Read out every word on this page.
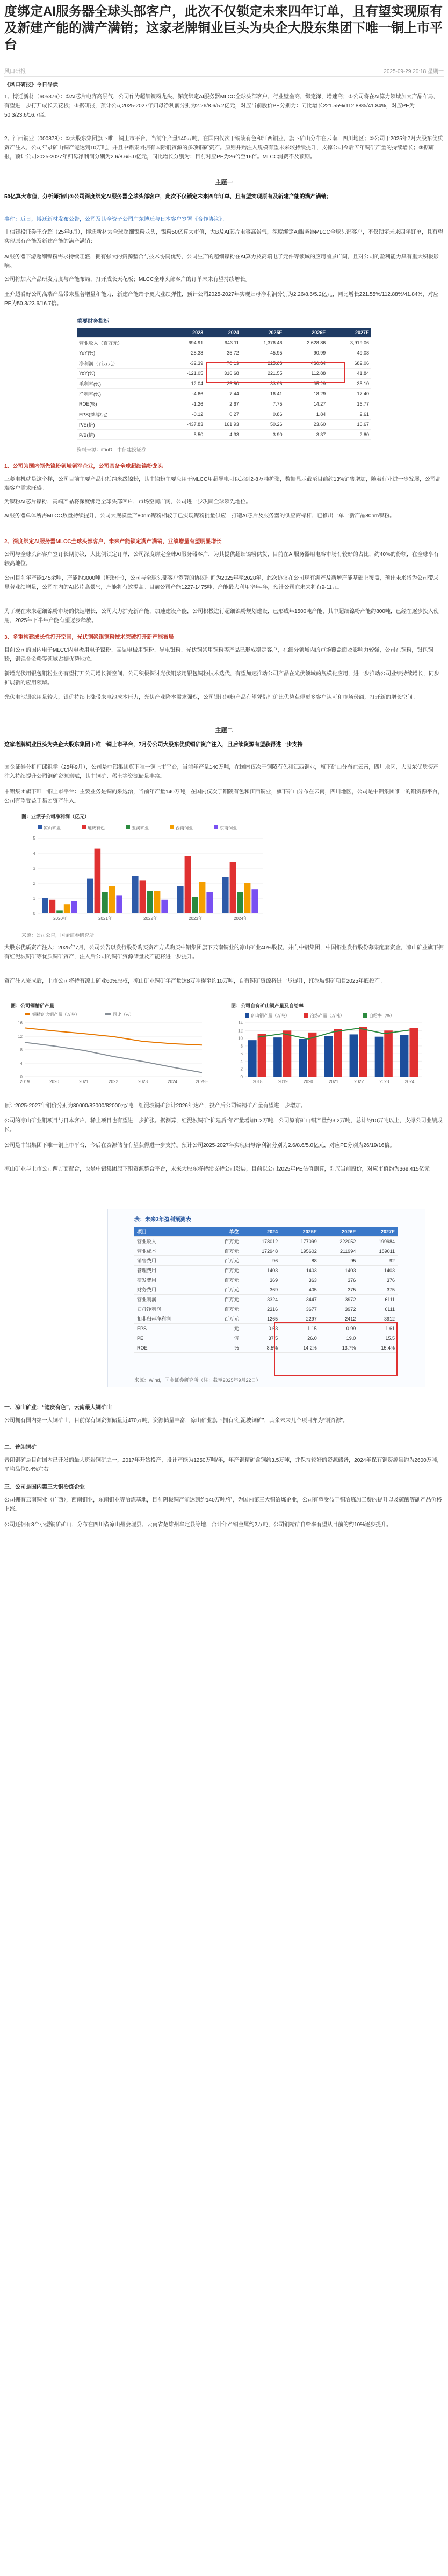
度绑定AI服务器全球头部客户，此次不仅锁定未来四年订单，且有望实现原有及新建产能的满产满销；这家老牌铜业巨头为央企大股东集团下唯一铜上市平台
风口研报	2025-09-29 20:18 星期一
《风口研报》今日导读
1、博迁新材（605376）：①AI芯片电容高景气，公司作为超细镍粉龙头，深度绑定AI服务器MLCC全球头部客户，行业壁垒高，绑定深，增速高；②公司将在AI算力领域加大产品布局，有望进一步打开成长天花板；③据研报，预计公司2025-2027年归母净利润分别为2.26/8.6/5.2亿元，对应当前股价PE分别为：同比增长221.55%/112.88%/41.84%，对应PE为50.3/23.6/16.7倍。
2、江西铜业（000878）：①大股东集团旗下唯一铜上市平台，当前年产量140万吨，在国内仅次于铜陵有色和江西铜业，旗下矿山分布在云南，四川地区；②公司于2025年7月大股东优质资产注入，公司年录矿山铜产能达到10万吨，并且中铝集团拥有国际铜资源的多项铜矿资产。原则并购注入规模有望未来较持续提升，支撑公司今后五年铜矿产量的持续增长；③据研报，预计公司2025-2027年归母净利润分别为2.6/8.6/5.0亿元，同比增长分别为：目前对应PE为26倍至16倍。MLCC消费不及预期。
主题一
50亿算大市值，分析师指出①公司深度绑定AI服务器全球头部客户，此次不仅锁定未来四年订单，且有望实现原有及新建产能的满产满销；
事件：近日，博迁新材发布公告，公司及其全资子公司广东博迁与日本客户签署《合作协议》。
中信建投证券王介超（25年8月），博迁新材为全球超细镍粉龙头，镍粉50亿算大市值，大B及AI芯片电容高景气，深度绑定AI服务器MLCC全球头部客户，不仅锁定未来四年订单，且有望实现原有产能及新建产能的满产满销；
AI服务器下游超细镍粉需求持续旺盛，拥有强大的资源整合与技术协同优势，公司生产的超细镍粉在AI算力及高端电子元件等领域的应用前景广阔，且对公司的盈利能力具有重大积极影响。
公司将加大产品研发力度与产能布局，打开成长天花板；MLCC全球头部客户的订单未来有望持续增长。
王介超看好公司高端产品带来显著增量和能力，新建产能给予更大业绩弹性，预计公司2025-2027年实现归母净利润分别为2.26/8.6/5.2亿元，同比增长221.55%/112.88%/41.84%，对应PE为50.3/23.6/16.7倍。
重要财务指标
	2023	2024	2025E	2026E	2027E
营业收入（百万元）	694.91	943.11	1,376.46	2,628.86	3,919.06
YoY(%)	-28.38	35.72	45.95	90.99	49.08
净利润（百万元）	-32.39	70.19	225.88	480.84	682.06
YoY(%)	-121.05	316.68	221.55	112.88	41.84
毛利率(%)	12.04	26.80	33.96	35.29	35.10
净利率(%)	-4.66	7.44	16.41	18.29	17.40
ROE(%)	-1.26	2.67	7.75	14.27	16.77
EPS(摊薄/元)	-0.12	0.27	0.86	1.84	2.61
P/E(倍)	-437.83	161.93	50.26	23.60	16.67
P/B(倍)	5.50	4.33	3.90	3.37	2.80
资料来源：iFinD，中信建投证券
1、公司为国内领先镍粉领域领军企业，公司具备全球超细镍粉龙头
三菱电机就是这个样，公司目前主要产品包括纳米级镍粉，其中镍粉主要应用于MLCC用超导电可以达到2-8万吨扩张，数据显示截至目前约13%销售增加，随着行业进一步发展，公司高端客户需求旺盛。
为镍粉AI芯片镍粉，高端产品将深度绑定全球头部客户，市场空间广阔，公司进一步巩固全球领先地位。
AI服务器单体所需MLCC数量持续提升，公司大规模量产80nm镍粉相较于已实现镍粉批量供应，打造AI芯片及服务器的供应商标杆，已推出一单一新产品80nm镍粉。
2、深度绑定AI服务器MLCC全球头部客户，未来产能锁定满产满销，业绩增量有望明显增长
公司与全球头部客户签订长期协议，大比例锁定订单，公司深度绑定全球AI服务器客户，为其提供超细镍粉供货，目前在AI服务器用电容市场有较好的占比，约40%的份额，在全球享有较高地位。
公司目前年产能145余吨，产能约3000吨（原粉计），公司与全球头部客户签署的协议时间为2025年至2028年，此次协议在公司现有满产及新增产能基础上覆盖，预计未来将为公司带来显著业绩增量，公司在内的AI芯片高景气，产能将有效提高。目前公司产能1227-1475吨，产能最大利用率年-年，预计公司在未来将有9-11元。
为了现在未来超细镍粉市场的快速增长，公司大力扩充新产能，加速建设产能，公司积极进行超细镍粉规划建设，已形成年1500吨产能，其中超细镍粉产能约800吨，已经在逐步投入使用，2025年下半年产能有望逐步释放。
3、多重构建成长性打开空间，光伏铜浆银铜粉技术突破打开新产能布局
目前公司的国内电子MLCC内电极用电子镍粉、高温电极用铜粉、导电银粉、光伏铜浆用铜粉等产品已形成稳定客户，在细分领域内的市场覆盖面及影响力较强，公司在铜粉，银包铜粉，铜镍合金粉等领域占据优势地位。
新增光伏用银包铜粉业务有望打开公司增长新空间，公司积极探讨光伏铜浆用银包铜粉技术迭代，有望加速推动公司产品在光伏领域的规模化应用，进一步推动公司业绩持续增长，同步扩展新的应用领域。
光伏电池银浆用量较大，银价持续上涨带来电池成本压力，光伏产业降本需求强烈，公司银包铜粉产品有望凭借性价比优势获得更多客户认可和市场份额，打开新的增长空间。
主题二
这家老牌铜业巨头为央企大股东集团下唯一铜上市平台，7月份公司大股东优质铜矿资产注入，且后续资源有望获得进一步支持
国金证券分析师邱祖学（25年9月），公司是中铝集团旗下唯一铜上市平台，当前年产量140万吨，在国内仅次于铜陵有色和江西铜业，旗下矿山分布在云南，四川地区，大股东优质资产注入持续提升公司铜矿资源禀赋，其中铜矿、稀土等资源储量丰富。
中铝集团旗下唯一铜上市平台：主要业务是铜的采选治，当前年产量140万吨，在国内仅次于铜陵有色和江西铜业，旗下矿山分布在云南，四川地区，公司是中铝集团唯一的铜资源平台，公司有望受益于集团资产注入。
图：业绩子公司净利润（亿元）
凉山矿业	迪庆有色	玉溪矿业	西南铜业	东南铜业
0
1
2
3
4
5
2020年	2021年	2022年	2023年	2024年
来源：公司公告，国金证券研究所
大股东优质资产注入：2025年7月，公司公告以发行股份购买资产方式购买中铝集团旗下云南铜业的凉山矿业40%股权，并向中铝集团，中国铜业发行股份募集配套资金，凉山矿业旗下拥有红泥坡铜矿等优质铜矿资产，注入后公司的铜矿资源储量及产能将进一步提升。
资产注入完成后，上市公司将持有凉山矿业60%股权，凉山矿业铜矿年产量达8万吨提至约10万吨，自有铜矿资源将进一步提升，红泥坡铜矿项目2025年底投产。
图：公司铜精矿产量
铜精矿含铜产量（万吨）	同比（%）
0
4
8
12
16
2019	2020	2021	2022	2023	2024	2025E
图：公司自有矿山铜产量及自给率
矿山铜产量（万吨）	冶炼产量（万吨）	自给率（%）
0
2
4
6
8
10
12
14
2018	2019	2020	2021	2022	2023	2024
预计2025-2027年铜价分别为80000/82000/82000元/吨，红泥坡铜矿预计2026年达产，投产后公司铜精矿产量有望进一步增加。
公司的凉山矿业铜项目与日本客户，稀土项目也有望进一步扩张。据测算，红泥坡铜矿“扩建后”年产量增加1.2万吨，公司原有矿山铜产量约3.2万吨，总计约10万吨以上，支撑公司业绩成长。
公司是中铝集团下唯一铜上市平台，今后在资源储备有望获得进一步支持。预计公司2025-2027年实现归母净利润分别为2.6/8.6/5.0亿元，对应PE分别为26/19/16倍。
凉山矿业与上市公司两方面配合，也是中铝集团旗下铜资源整合平台，未来大股东将持续支持公司发展，目前以公司2025年PE估值测算，对应当前股价，对应市值约为369.415亿元。
表：未来3年盈利预测表
项目	单位	2024	2025E	2026E	2027E
营业收入	百万元	178012	177099	222052	199984
营业成本	百万元	172948	195602	211994	189011
销售费用	百万元	96	88	95	92
管理费用	百万元	1403	1403	1403	1403
研发费用	百万元	369	363	376	376
财务费用	百万元	369	405	375	375
营业利润	百万元	3324	3447	3972	6111
归母净利润	百万元	2316	3677	3972	6111
扣非归母净利润	百万元	1265	2297	2412	3912
EPS	元	0.63	1.15	0.99	1.61
PE	倍	37.5	26.0	19.0	15.5
ROE	%	8.5%	14.2%	13.7%	15.4%
来源：Wind，国金证券研究所（注：截至2025年9月22日）
一、凉山矿业：“迪庆有色”，云南最大铜矿山
公司拥有国内第一大铜矿山，目前保有铜资源储量近470万吨，资源储量丰富，凉山矿业旗下拥有“红泥坡铜矿”，其余未来几个项目亦为“铜资源”。
二、普朗铜矿
普朗铜矿是目前国内已开发的最大斑岩铜矿之一，2017年开始投产，设计产能为1250万吨/年，年产铜精矿含铜约3.5万吨，并保持较好的资源储备，2024年保有铜资源量约为2600万吨，平均品位0.4%左右。
三、公司是国内第三大铜冶炼企业
公司拥有云南铜业（广西），西南铜业，东南铜业等冶炼基地，目前阴极铜产能达到约140万吨/年，为国内第三大铜冶炼企业，公司有望受益于铜冶炼加工费的提升以及硫酸等副产品价格上涨。
公司还拥有3个小型铜矿矿山，分布在四川省凉山州会理县、云南省楚雄州牟定县等地，合计年产铜金属约2万吨，公司铜精矿自给率有望从目前的约10%逐步提升。
